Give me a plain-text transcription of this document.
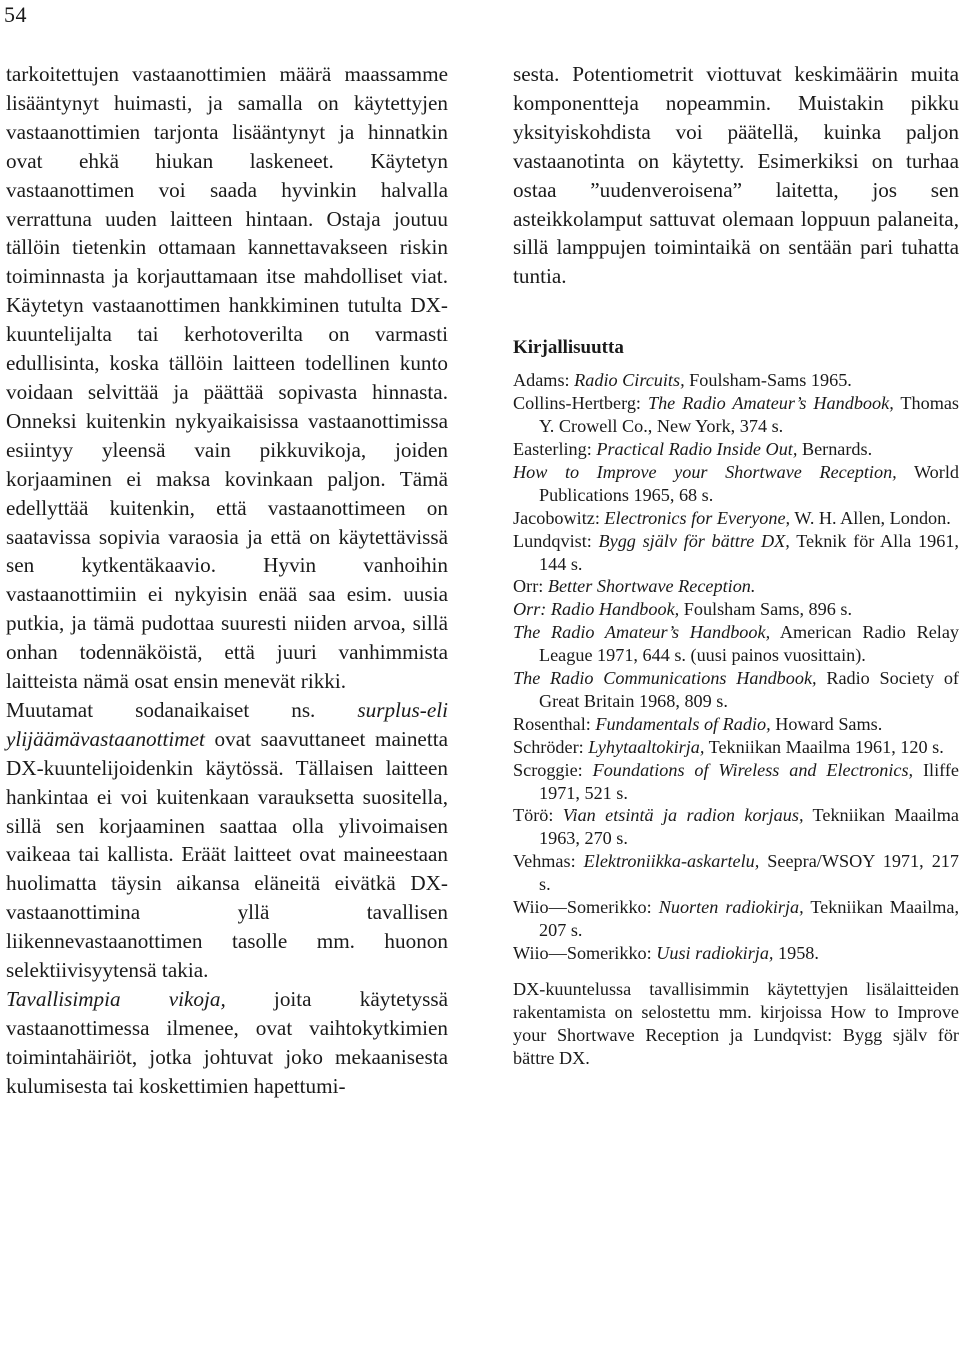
54

tarkoitettujen vastaanottimien määrä maassamme lisääntynyt huimasti, ja samalla on käytettyjen vastaanottimien tarjonta lisääntynyt ja hinnatkin ovat ehkä hiukan laskeneet. Käytetyn vastaanottimen voi saada hyvinkin halvalla verrattuna uuden laitteen hintaan. Ostaja joutuu tällöin tietenkin ottamaan kannettavakseen riskin toiminnasta ja korjauttamaan itse mahdolliset viat. Käytetyn vastaanottimen hankkiminen tutulta DX-kuuntelijalta tai kerhotoverilta on varmasti edullisinta, koska tällöin laitteen todellinen kunto voidaan selvittää ja päättää sopivasta hinnasta. Onneksi kuitenkin nykyaikaisissa vastaanottimissa esiintyy yleensä vain pikkuvikoja, joiden korjaaminen ei maksa kovinkaan paljon. Tämä edellyttää kuitenkin, että vastaanottimeen on saatavissa sopivia varaosia ja että on käytettävissä sen kytkentäkaavio. Hyvin vanhoihin vastaanottimiin ei nykyisin enää saa esim. uusia putkia, ja tämä pudottaa suuresti niiden arvoa, sillä onhan todennäköistä, että juuri vanhimmista laitteista nämä osat ensin menevät rikki.

Muutamat sodanaikaiset ns. surplus-eli ylijäämävastaanottimet ovat saavuttaneet mainetta DX-kuuntelijoidenkin käytössä. Tällaisen laitteen hankintaa ei voi kuitenkaan varauksetta suositella, sillä sen korjaaminen saattaa olla ylivoimaisen vaikeaa tai kallista. Eräät laitteet ovat maineestaan huolimatta täysin aikansa eläneitä eivätkä DX-vastaanottimina yllä tavallisen liikennevastaanottimen tasolle mm. huonon selektiivisyytensä takia.

Tavallisimpia vikoja, joita käytetyssä vastaanottimessa ilmenee, ovat vaihtokytkimien toimintahäiriöt, jotka johtuvat joko mekaanisesta kulumisesta tai koskettimien hapettumi-

sesta. Potentiometrit viottuvat keskimäärin muita komponentteja nopeammin. Muistakin pikku yksityiskohdista voi päätellä, kuinka paljon vastaanotinta on käytetty. Esimerkiksi on turhaa ostaa ”uudenveroisena” laitetta, jos sen asteikkolamput sattuvat olemaan loppuun palaneita, sillä lamppujen toimintaikä on sentään pari tuhatta tuntia.

Kirjallisuutta
Adams: Radio Circuits, Foulsham-Sams 1965.
Collins-Hertberg: The Radio Amateur’s Handbook, Thomas Y. Crowell Co., New York, 374 s.
Easterling: Practical Radio Inside Out, Bernards.
How to Improve your Shortwave Reception, World Publications 1965, 68 s.
Jacobowitz: Electronics for Everyone, W. H. Allen, London.
Lundqvist: Bygg själv för bättre DX, Teknik för Alla 1961, 144 s.
Orr: Better Shortwave Reception.
Orr: Radio Handbook, Foulsham Sams, 896 s.
The Radio Amateur’s Handbook, American Radio Relay League 1971, 644 s. (uusi painos vuosittain).
The Radio Communications Handbook, Radio Society of Great Britain 1968, 809 s.
Rosenthal: Fundamentals of Radio, Howard Sams.
Schröder: Lyhytaaltokirja, Tekniikan Maailma 1961, 120 s.
Scroggie: Foundations of Wireless and Electronics, Iliffe 1971, 521 s.
Törö: Vian etsintä ja radion korjaus, Tekniikan Maailma 1963, 270 s.
Vehmas: Elektroniikka-askartelu, Seepra/WSOY 1971, 217 s.
Wiio—Somerikko: Nuorten radiokirja, Tekniikan Maailma, 207 s.
Wiio—Somerikko: Uusi radiokirja, 1958.

DX-kuuntelussa tavallisimmin käytettyjen lisälaitteiden rakentamista on selostettu mm. kirjoissa How to Improve your Shortwave Reception ja Lundqvist: Bygg själv för bättre DX.
